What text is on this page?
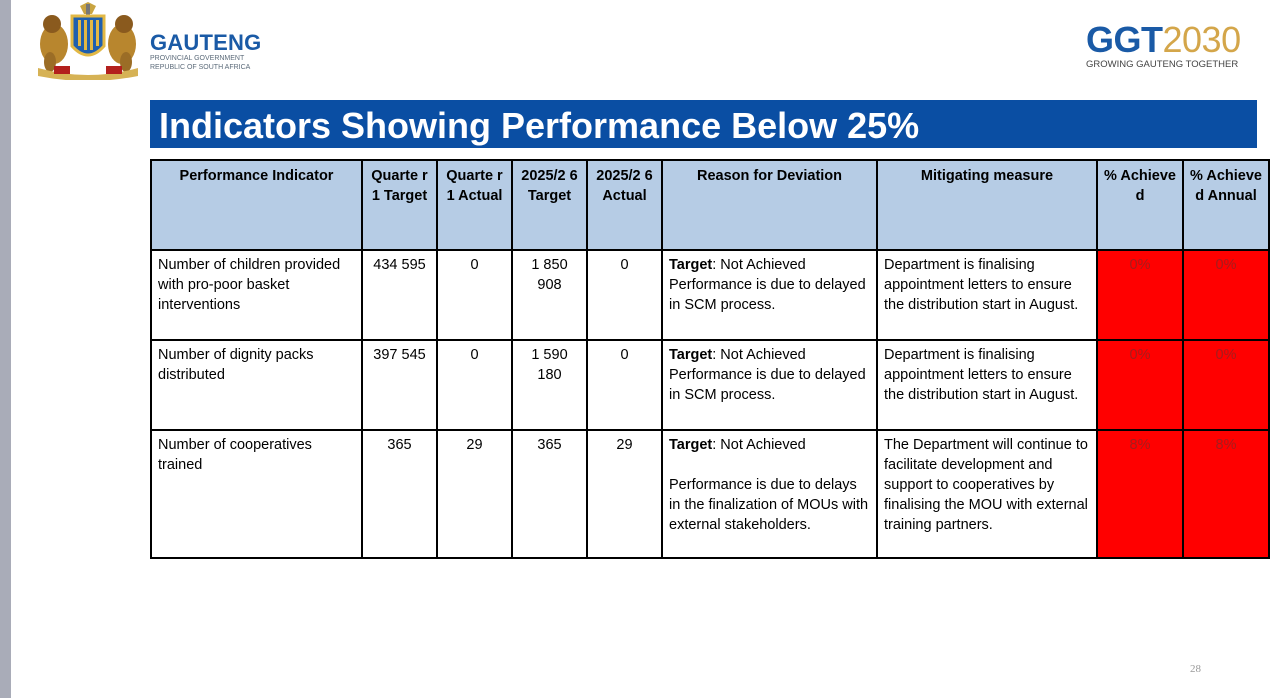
GAUTENG
PROVINCIAL GOVERNMENT
REPUBLIC OF SOUTH AFRICA
GGT2030
GROWING GAUTENG TOGETHER
Indicators Showing Performance Below 25%
Performance Indicator	Quarte r 1 Target	Quarte r 1 Actual	2025/2 6 Target	2025/2 6 Actual	Reason for Deviation	Mitigating measure	% Achieve d	% Achieve d Annual
Number of children provided with pro-poor basket interventions	434 595	0	1 850 908	0	Target: Not Achieved
Performance is due to delayed in SCM process.	Department is finalising appointment letters to ensure the distribution start in August.	0%	0%
Number of dignity packs distributed	397 545	0	1 590 180	0	Target: Not Achieved
Performance is due to delayed in SCM process.	Department is finalising appointment letters to ensure the distribution start in August.	0%	0%
Number of cooperatives trained	365	29	365	29	Target: Not Achieved
Performance is due to delays in the finalization of MOUs with external stakeholders.	The Department will continue to facilitate development and support to cooperatives by finalising the MOU with external training partners.	8%	8%
28
